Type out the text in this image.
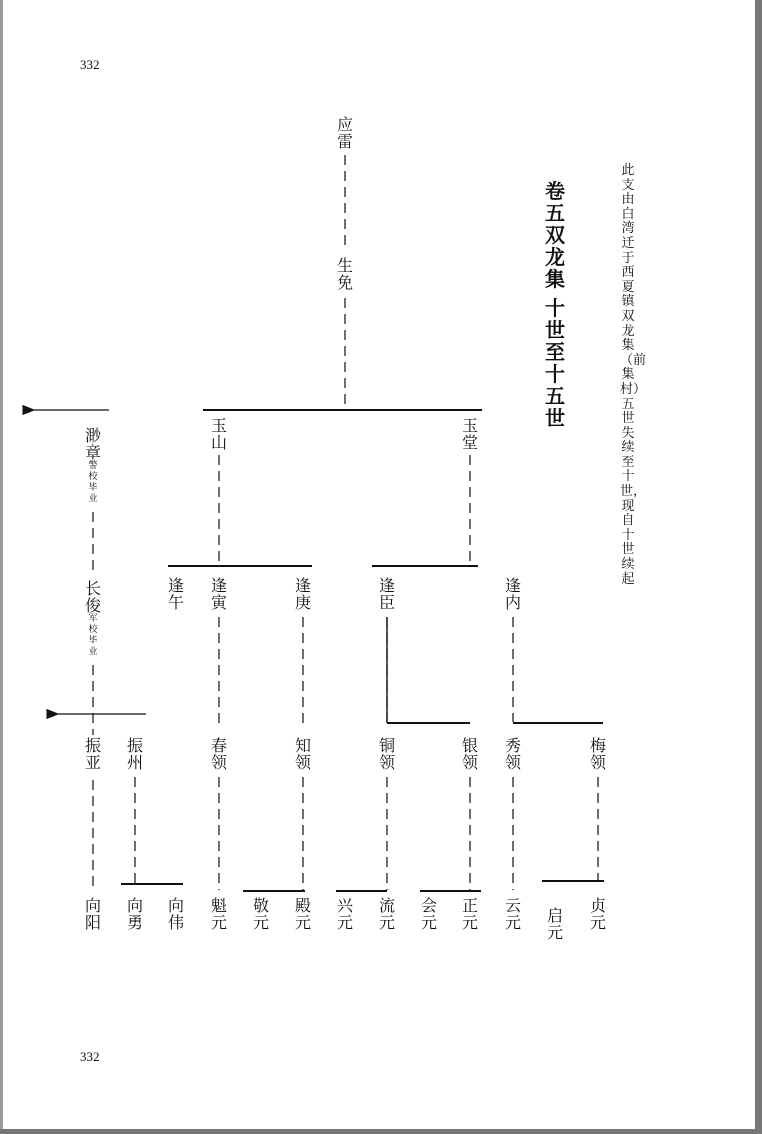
332
332
卷五双龙集
十世至十五世
此支由白湾迁于西夏镇双龙集（前集村）五世失续至十世，现自十世续起
应雷
生免
玉山
玉堂
逢午
逢寅
逢庚
逢臣
逢内
春领
知领
铜领
银领
秀领
梅领
魁元
敬元
殿元
兴元
流元
会元
正元
云元 启元
贞元
渺章
警校毕业
长俊
军校毕业
振亚
振州
向阳
向勇
向伟
